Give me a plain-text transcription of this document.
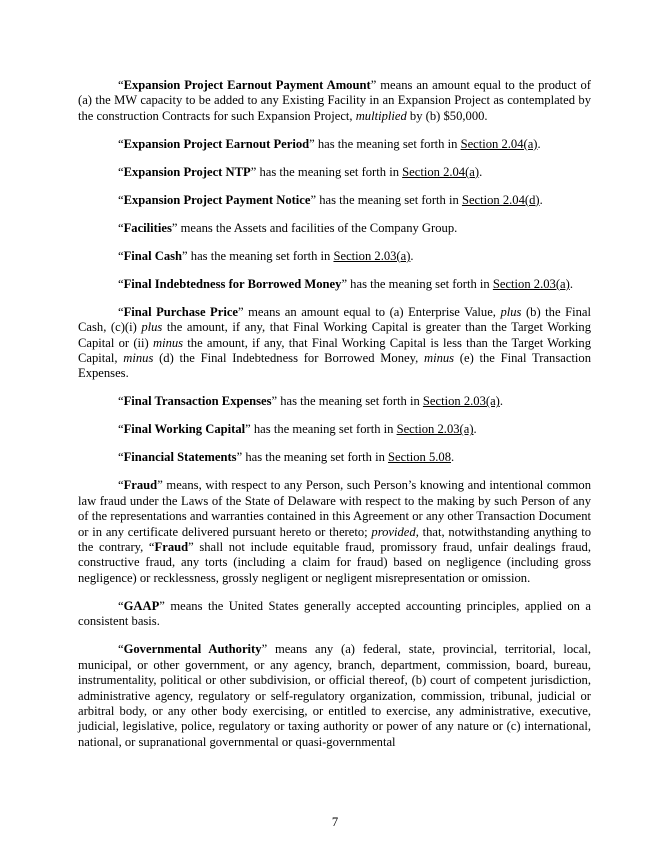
“Expansion Project Earnout Payment Amount” means an amount equal to the product of (a) the MW capacity to be added to any Existing Facility in an Expansion Project as contemplated by the construction Contracts for such Expansion Project, multiplied by (b) $50,000.

“Expansion Project Earnout Period” has the meaning set forth in Section 2.04(a).

“Expansion Project NTP” has the meaning set forth in Section 2.04(a).

“Expansion Project Payment Notice” has the meaning set forth in Section 2.04(d).

“Facilities” means the Assets and facilities of the Company Group.

“Final Cash” has the meaning set forth in Section 2.03(a).

“Final Indebtedness for Borrowed Money” has the meaning set forth in Section 2.03(a).

“Final Purchase Price” means an amount equal to (a) Enterprise Value, plus (b) the Final Cash, (c)(i) plus the amount, if any, that Final Working Capital is greater than the Target Working Capital or (ii) minus the amount, if any, that Final Working Capital is less than the Target Working Capital, minus (d) the Final Indebtedness for Borrowed Money, minus (e) the Final Transaction Expenses.

“Final Transaction Expenses” has the meaning set forth in Section 2.03(a).

“Final Working Capital” has the meaning set forth in Section 2.03(a).

“Financial Statements” has the meaning set forth in Section 5.08.

“Fraud” means, with respect to any Person, such Person’s knowing and intentional common law fraud under the Laws of the State of Delaware with respect to the making by such Person of any of the representations and warranties contained in this Agreement or any other Transaction Document or in any certificate delivered pursuant hereto or thereto; provided, that, notwithstanding anything to the contrary, “Fraud” shall not include equitable fraud, promissory fraud, unfair dealings fraud, constructive fraud, any torts (including a claim for fraud) based on negligence (including gross negligence) or recklessness, grossly negligent or negligent misrepresentation or omission.

“GAAP” means the United States generally accepted accounting principles, applied on a consistent basis.

“Governmental Authority” means any (a) federal, state, provincial, territorial, local, municipal, or other government, or any agency, branch, department, commission, board, bureau, instrumentality, political or other subdivision, or official thereof, (b) court of competent jurisdiction, administrative agency, regulatory or self-regulatory organization, commission, tribunal, judicial or arbitral body, or any other body exercising, or entitled to exercise, any administrative, executive, judicial, legislative, police, regulatory or taxing authority or power of any nature or (c) international, national, or supranational governmental or quasi-governmental

7
